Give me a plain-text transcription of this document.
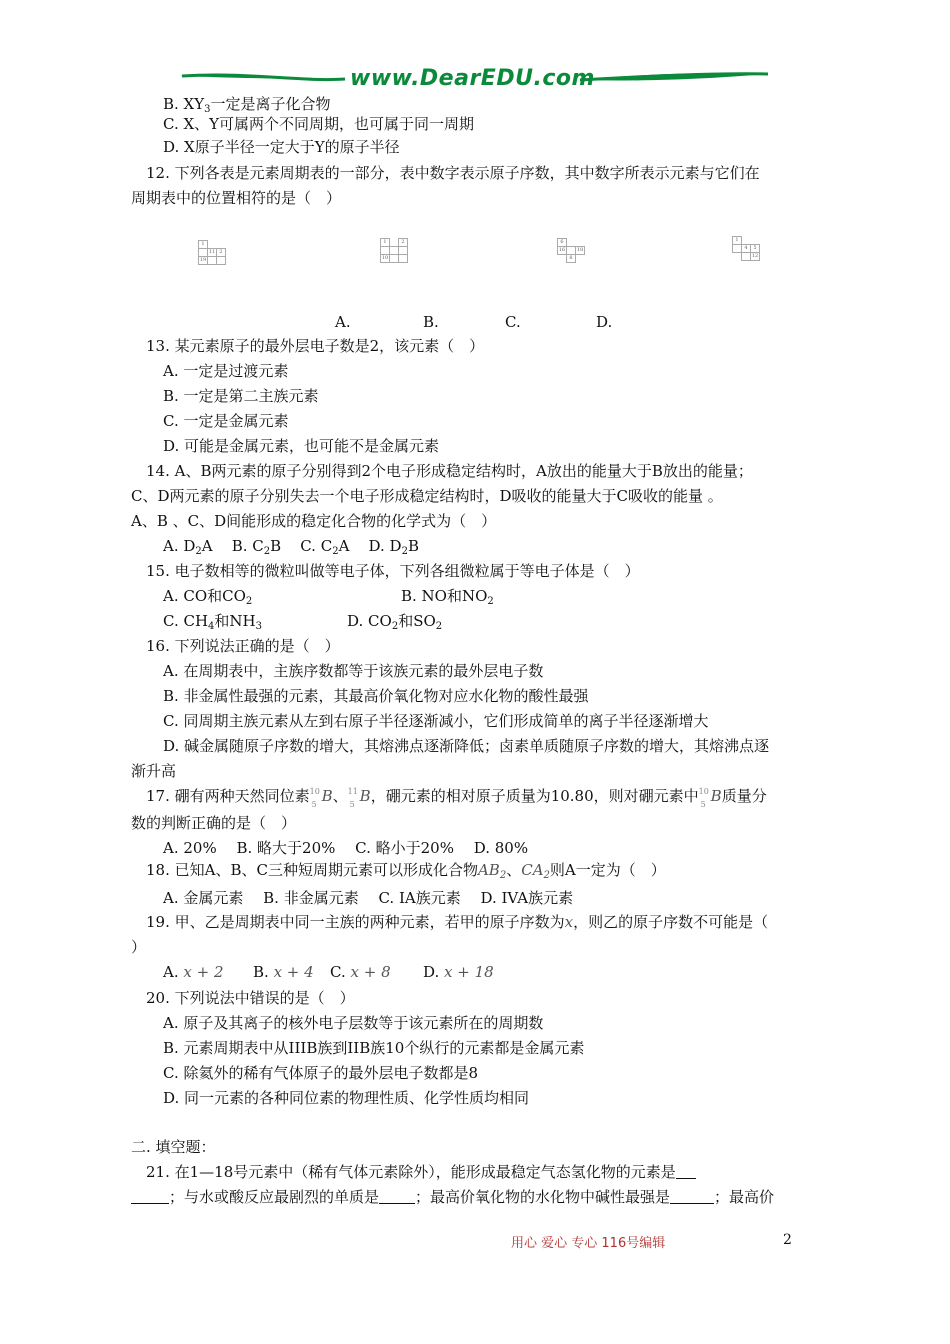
www.DearEDU.com
B. $XY_3$一定是离子化合物
C. X、Y可属两个不同周期，也可属于同一周期
D. X原子半径一定大于Y的原子半径
12. 下列各表是元素周期表的一部分，表中数字表示原子序数，其中数字所表示元素与它们在
周期表中的位置相符的是（　）
1		
	11	2
19		
1		2

10		
6		
16		18
	8	
1		
	4	5
		12
A.	B.	C.	D.
13. 某元素原子的最外层电子数是2，该元素（　）
A. 一定是过渡元素
B. 一定是第二主族元素
C. 一定是金属元素
D. 可能是金属元素，也可能不是金属元素
14. A、B两元素的原子分别得到2个电子形成稳定结构时，A放出的能量大于B放出的能量；
C、D两元素的原子分别失去一个电子形成稳定结构时，D吸收的能量大于C吸收的能量 。
A、B 、C、D间能形成的稳定化合物的化学式为（　）
A. $D_2A$ B. $C_2B$ C. $C_2A$ D. $D_2B$
15. 电子数相等的微粒叫做等电子体，下列各组微粒属于等电子体是（　）
A. CO和$CO_2$	B. NO和$NO_2$
C. $CH_4$和$NH_3$	D. $CO_2$和$SO_2$
16. 下列说法正确的是（　）
A. 在周期表中，主族序数都等于该族元素的最外层电子数
B. 非金属性最强的元素，其最高价氧化物对应水化物的酸性最强
C. 同周期主族元素从左到右原子半径逐渐减小，它们形成简单的离子半径逐渐增大
D. 碱金属随原子序数的增大，其熔沸点逐渐降低；卤素单质随原子序数的增大，其熔沸点逐
渐升高
17. 硼有两种天然同位素 10
5 B、 11
5 B，硼元素的相对原子质量为10.80，则对硼元素中 10
5 B质量分
数的判断正确的是（　）
A. 20%　 B. 略大于20%　 C. 略小于20%　 D. 80%
18. 已知A、B、C三种短周期元素可以形成化合物$AB_2$、$CA_2$则A一定为（　）
A. 金属元素　 B. 非金属元素　 C. IA族元素　 D. IVA族元素
19. 甲、乙是周期表中同一主族的两种元素，若甲的原子序数为x，则乙的原子序数不可能是（
）
A. x + 2 B. x + 4 C. x + 8 D. x + 18
20. 下列说法中错误的是（　）
A. 原子及其离子的核外电子层数等于该元素所在的周期数
B. 元素周期表中从IIIB族到IIB族10个纵行的元素都是金属元素
C. 除氦外的稀有气体原子的最外层电子数都是8
D. 同一元素的各种同位素的物理性质、化学性质均相同
二. 填空题：
21. 在1—18号元素中（稀有气体元素除外），能形成最稳定气态氢化物的元素是
；与水或酸反应最剧烈的单质是 ；最高价氧化物的水化物中碱性最强是	；最高价
用心 爱心 专心 116号编辑	2
